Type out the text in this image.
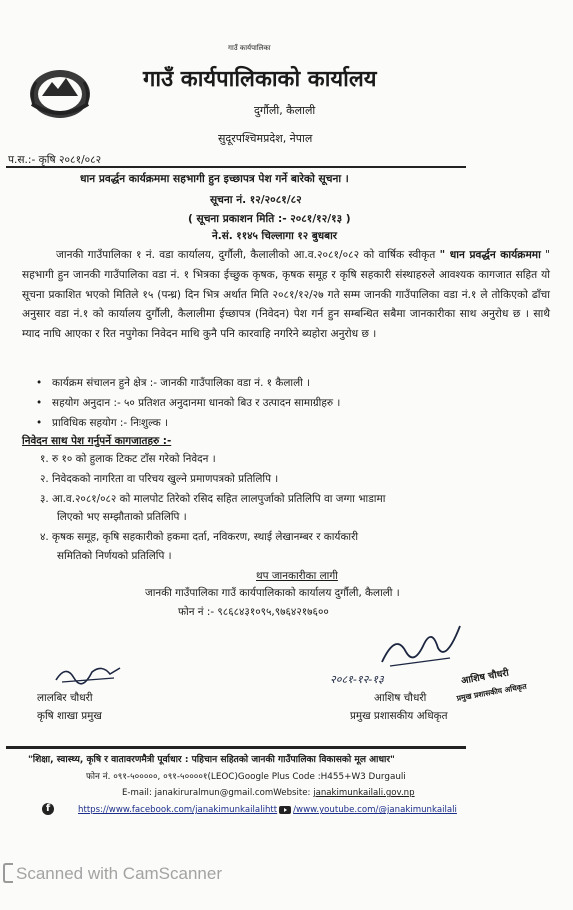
गाउँ कार्यपालिका
गाउँ कार्यपालिकाको कार्यालय
दुर्गौली, कैलाली
सुदूरपश्चिमप्रदेश, नेपाल
प.स.:- कृषि २०८१/०८२
धान प्रवर्द्धन कार्यक्रममा सहभागी हुन इच्छापत्र पेश गर्ने बारेको सूचना ।
सूचना नं. १२/२०८१/८२
( सूचना प्रकाशन मिति :- २०८१/१२/१३ )
ने.सं. ११४५ चिल्लागा १२ बुधबार

जानकी गाउँपालिका १ नं. वडा कार्यालय, दुर्गौली, कैलालीको आ.व.२०८१/०८२ को वार्षिक स्वीकृत " धान प्रवर्द्धन कार्यक्रममा " सहभागी हुन जानकी गाउँपालिका वडा नं. १ भित्रका ईच्छुक कृषक, कृषक समूह र कृषि सहकारी संस्थाहरुले आवश्यक कागजात सहित यो सूचना प्रकाशित भएको मितिले १५ (पन्ध्र) दिन भित्र अर्थात मिति २०८१/१२/२७ गते सम्म जानकी गाउँपालिका वडा नं.१ ले तोकिएको ढाँचा अनुसार वडा नं.१ को कार्यालय दुर्गौली, कैलालीमा ईच्छापत्र (निवेदन) पेश गर्न हुन सम्बन्धित सबैमा जानकारीका साथ अनुरोध छ । साथै म्याद नाघि आएका र रित नपुगेका निवेदन माथि कुनै पनि कारवाहि नगरिने ब्यहोरा अनुरोध छ ।

•   कार्यक्रम संचालन हुने क्षेत्र :- जानकी गाउँपालिका वडा नं. १ कैलाली ।
•   सहयोग अनुदान :- ५० प्रतिशत अनुदानमा धानको बिउ र उत्पादन सामाग्रीहरु ।
•   प्राविधिक सहयोग :- निःशुल्क ।
निवेदन साथ पेश गर्नुपर्ने कागजातहरु :-
१. रु १० को हुलाक टिकट टाँस गरेको निवेदन ।
२. निवेदकको नागरिता वा परिचय खुल्ने प्रमाणपत्रको प्रतिलिपि ।
३. आ.व.२०८१/०८२ को मालपोट तिरेको रसिद सहित लालपुर्जाको प्रतिलिपि वा जग्गा भाडामा
लिएको भए सम्झौताको प्रतिलिपि ।
४. कृषक समूह, कृषि सहकारीको हकमा दर्ता, नविकरण, स्थाई लेखानम्बर र कार्यकारी
समितिको निर्णयको प्रतिलिपि ।
थप जानकारीका लागी
जानकी गाउँपालिका गाउँ कार्यपालिकाको कार्यालय दुर्गौली, कैलाली ।
फोन नं :- ९८६८४३१०९५,९७६४२१७६००
लालबिर चौधरी
कृषि शाखा प्रमुख
२०८१-१२-१३	आशिष चौधरी
प्रमुख प्रशासकीय अधिकृत
आशिष चौधरी
प्रमुख प्रशासकीय अधिकृत
"शिक्षा, स्वास्थ्य, कृषि र वातावरणमैत्री पूर्वाधार : पहिचान सहितको जानकी गाउँपालिका विकासको मूल आधार"
फोन नं. ०९१-५०००००, ०९१-५००००१(LEOC)Google Plus Code :H455+W3 Durgauli
E-mail: janakiruralmun@gmail.comWebsite: janakimunkailali.gov.np
f	https://www.facebook.com/janakimunkailalihtt /www.youtube.com/@janakimunkailali
Scanned with CamScanner
